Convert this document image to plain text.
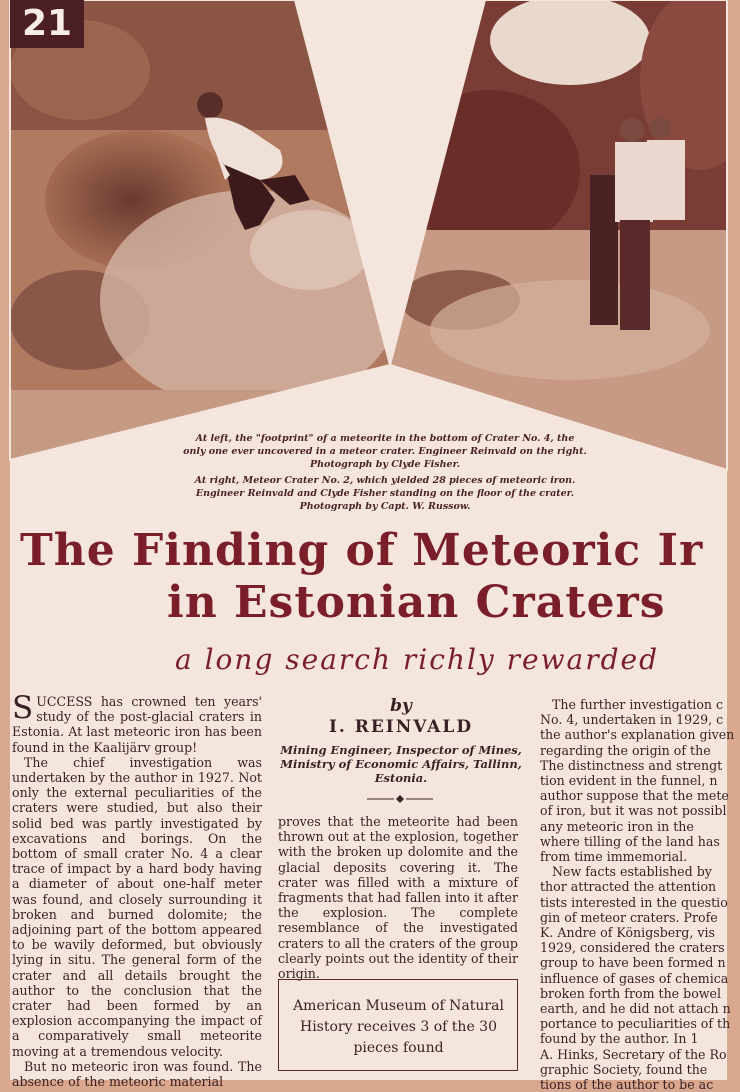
21

At left, the "footprint" of a meteorite in the bottom of Crater No. 4, the
only one ever uncovered in a meteor crater. Engineer Reinvald on the right.
Photograph by Clyde Fisher.

At right, Meteor Crater No. 2, which yielded 28 pieces of meteoric iron.
Engineer Reinvald and Clyde Fisher standing on the floor of the crater.
Photograph by Capt. W. Russow.

The Finding of Meteoric Ir
in Estonian Craters
a long search richly rewarded

SUCCESS has crowned ten years' study of the post-glacial craters in Estonia. At last meteoric iron has been found in the Kaalijärv group!

The chief investigation was undertaken by the author in 1927. Not only the external peculiarities of the craters were studied, but also their solid bed was partly investigated by excavations and borings. On the bottom of small crater No. 4 a clear trace of impact by a hard body having a diameter of about one-half meter was found, and closely surrounding it broken and burned dolomite; the adjoining part of the bottom appeared to be wavily deformed, but obviously lying in situ. The general form of the crater and all details brought the author to the conclusion that the crater had been formed by an explosion accompanying the impact of a comparatively small meteorite moving at a tremendous velocity.

But no meteoric iron was found. The absence of the meteoric material

by
I. REINVALD
Mining Engineer, Inspector of Mines,
Ministry of Economic Affairs, Tallinn,
Estonia.

proves that the meteorite had been thrown out at the explosion, together with the broken up dolomite and the glacial deposits covering it. The crater was filled with a mixture of fragments that had fallen into it after the explosion. The complete resemblance of the investigated craters to all the craters of the group clearly points out the identity of their origin.

American Museum of Natural History receives 3 of the 30 pieces found
The further investigation c
No. 4, undertaken in 1929, c
the author's explanation given
regarding the origin of the
The distinctness and strengt
tion evident in the funnel, n
author suppose that the mete
of iron, but it was not possibl
any meteoric iron in the
where tilling of the land has
from time immemorial.
New facts established by
thor attracted the attention
tists interested in the questio
gin of meteor craters. Profe
K. Andre of Königsberg, vis
1929, considered the craters
group to have been formed n
influence of gases of chemica
broken forth from the bowel
earth, and he did not attach n
portance to peculiarities of th
found by the author. In 1
A. Hinks, Secretary of the Ro
graphic Society, found the
tions of the author to be ac
